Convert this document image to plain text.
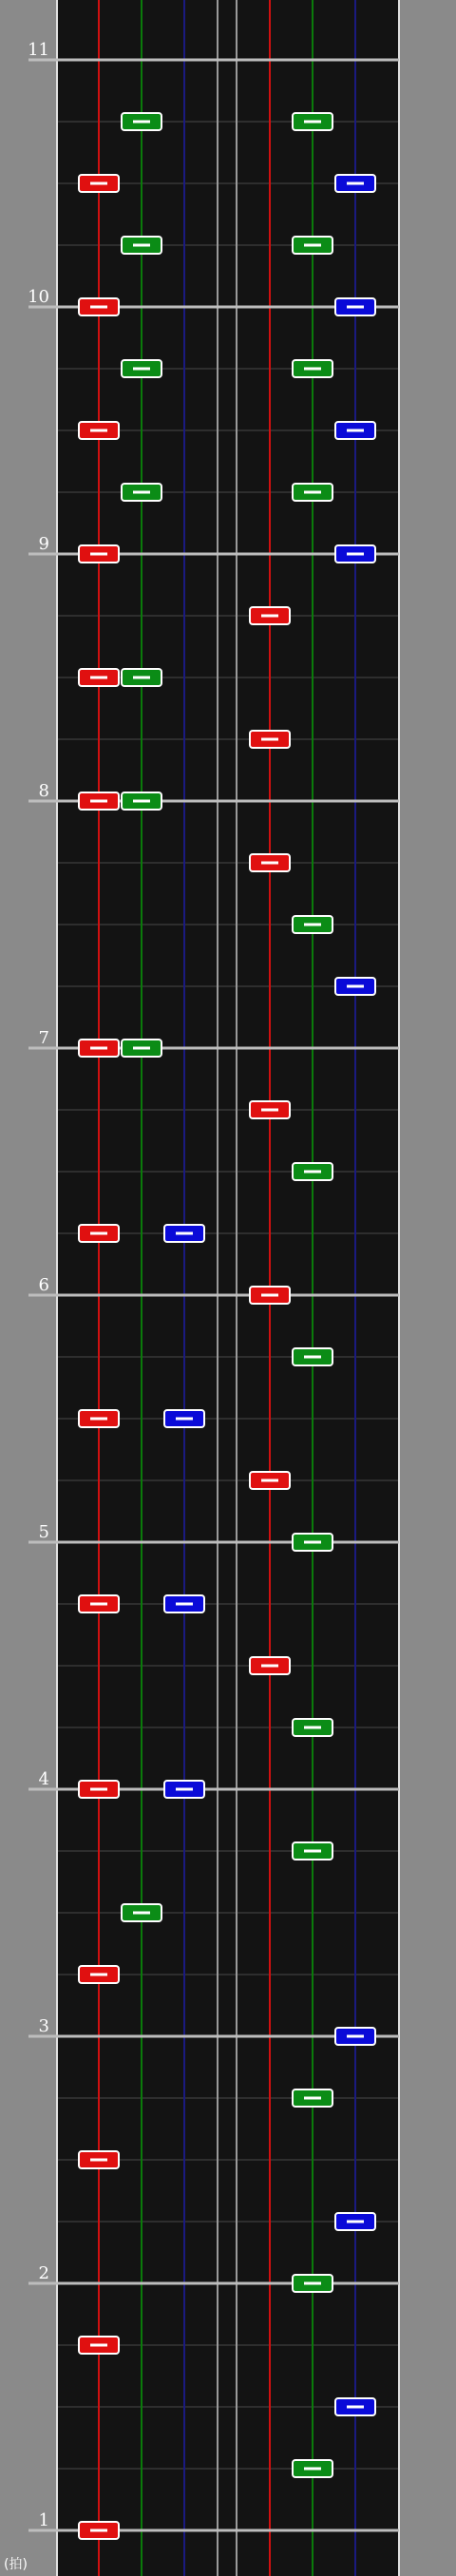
1
2
3
4
5
6
7
8
9
10
11
(拍)
